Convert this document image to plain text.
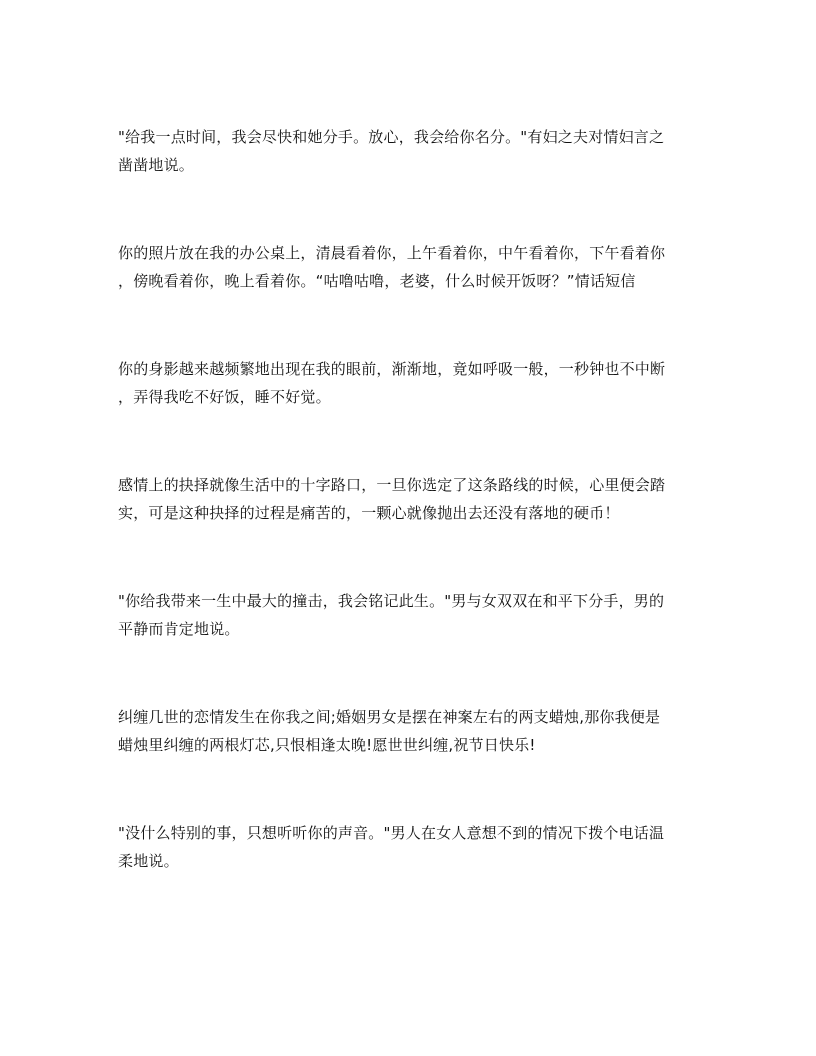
"给我一点时间，我会尽快和她分手。放心，我会给你名分。"有妇之夫对情妇言之
凿凿地说。

你的照片放在我的办公桌上，清晨看着你，上午看着你，中午看着你，下午看着你
，傍晚看着你，晚上看着你。“咕噜咕噜，老婆，什么时候开饭呀？”情话短信

你的身影越来越频繁地出现在我的眼前，渐渐地，竟如呼吸一般，一秒钟也不中断
，弄得我吃不好饭，睡不好觉。

感情上的抉择就像生活中的十字路口，一旦你选定了这条路线的时候，心里便会踏
实，可是这种抉择的过程是痛苦的，一颗心就像抛出去还没有落地的硬币！

"你给我带来一生中最大的撞击，我会铭记此生。"男与女双双在和平下分手，男的
平静而肯定地说。

纠缠几世的恋情发生在你我之间;婚姻男女是摆在神案左右的两支蜡烛,那你我便是
蜡烛里纠缠的两根灯芯,只恨相逢太晚!愿世世纠缠,祝节日快乐!

"没什么特别的事，只想听听你的声音。"男人在女人意想不到的情况下拨个电话温
柔地说。
